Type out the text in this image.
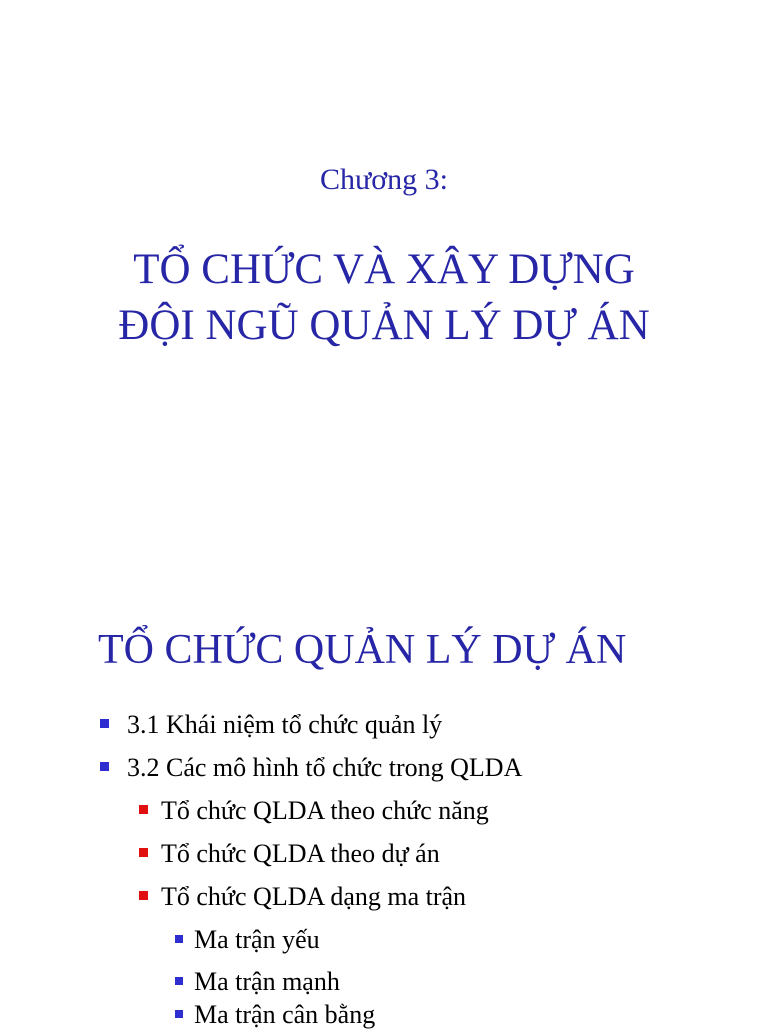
Chương 3:
TỔ CHỨC VÀ XÂY DỰNG
ĐỘI NGŨ QUẢN LÝ DỰ ÁN
TỔ CHỨC QUẢN LÝ DỰ ÁN
3.1 Khái niệm tổ chức quản lý
3.2 Các mô hình tổ chức trong QLDA
Tổ chức QLDA theo chức năng
Tổ chức QLDA theo dự án
Tổ chức QLDA dạng ma trận
Ma trận yếu
Ma trận mạnh
Ma trận cân bằng
